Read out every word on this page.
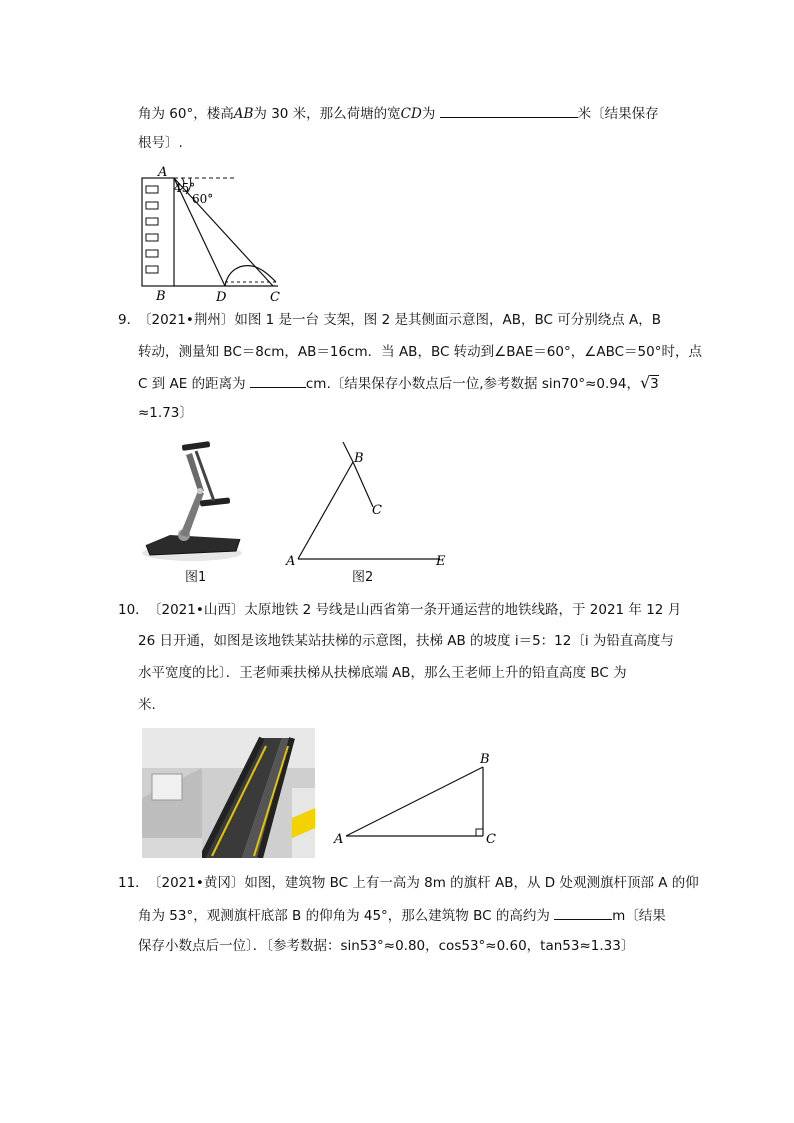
角为 60°，楼高AB为 30 米，那么荷塘的宽CD为	米〔结果保存
根号〕.
A
45°
60°
B	D	C
9．
〔2021•荆州〕如图 1 是一台 支架，图 2 是其侧面示意图，AB，BC 可分别绕点 A，B
转动，测量知 BC＝8cm，AB＝16cm．当 AB，BC 转动到∠BAE＝60°，∠ABC＝50°时，点
C 到 AE 的距离为	cm.〔结果保存小数点后一位,参考数据 sin70°≈0.94，√3
≈1.73〕
图1
A
B
C
E
图2
10． 〔2021•山西〕太原地铁 2 号线是山西省第一条开通运营的地铁线路，于 2021 年 12 月
26 日开通，如图是该地铁某站扶梯的示意图，扶梯 AB 的坡度 i＝5：12〔i 为铅直高度与
水平宽度的比〕．王老师乘扶梯从扶梯底端 AB，那么王老师上升的铅直高度 BC 为
米.
A
B
C
11． 〔2021•黄冈〕如图，建筑物 BC 上有一高为 8m 的旗杆 AB，从 D 处观测旗杆顶部 A 的仰
角为 53°，观测旗杆底部 B 的仰角为 45°，那么建筑物 BC 的高约为	m〔结果
保存小数点后一位〕．〔参考数据：sin53°≈0.80，cos53°≈0.60，tan53≈1.33〕
